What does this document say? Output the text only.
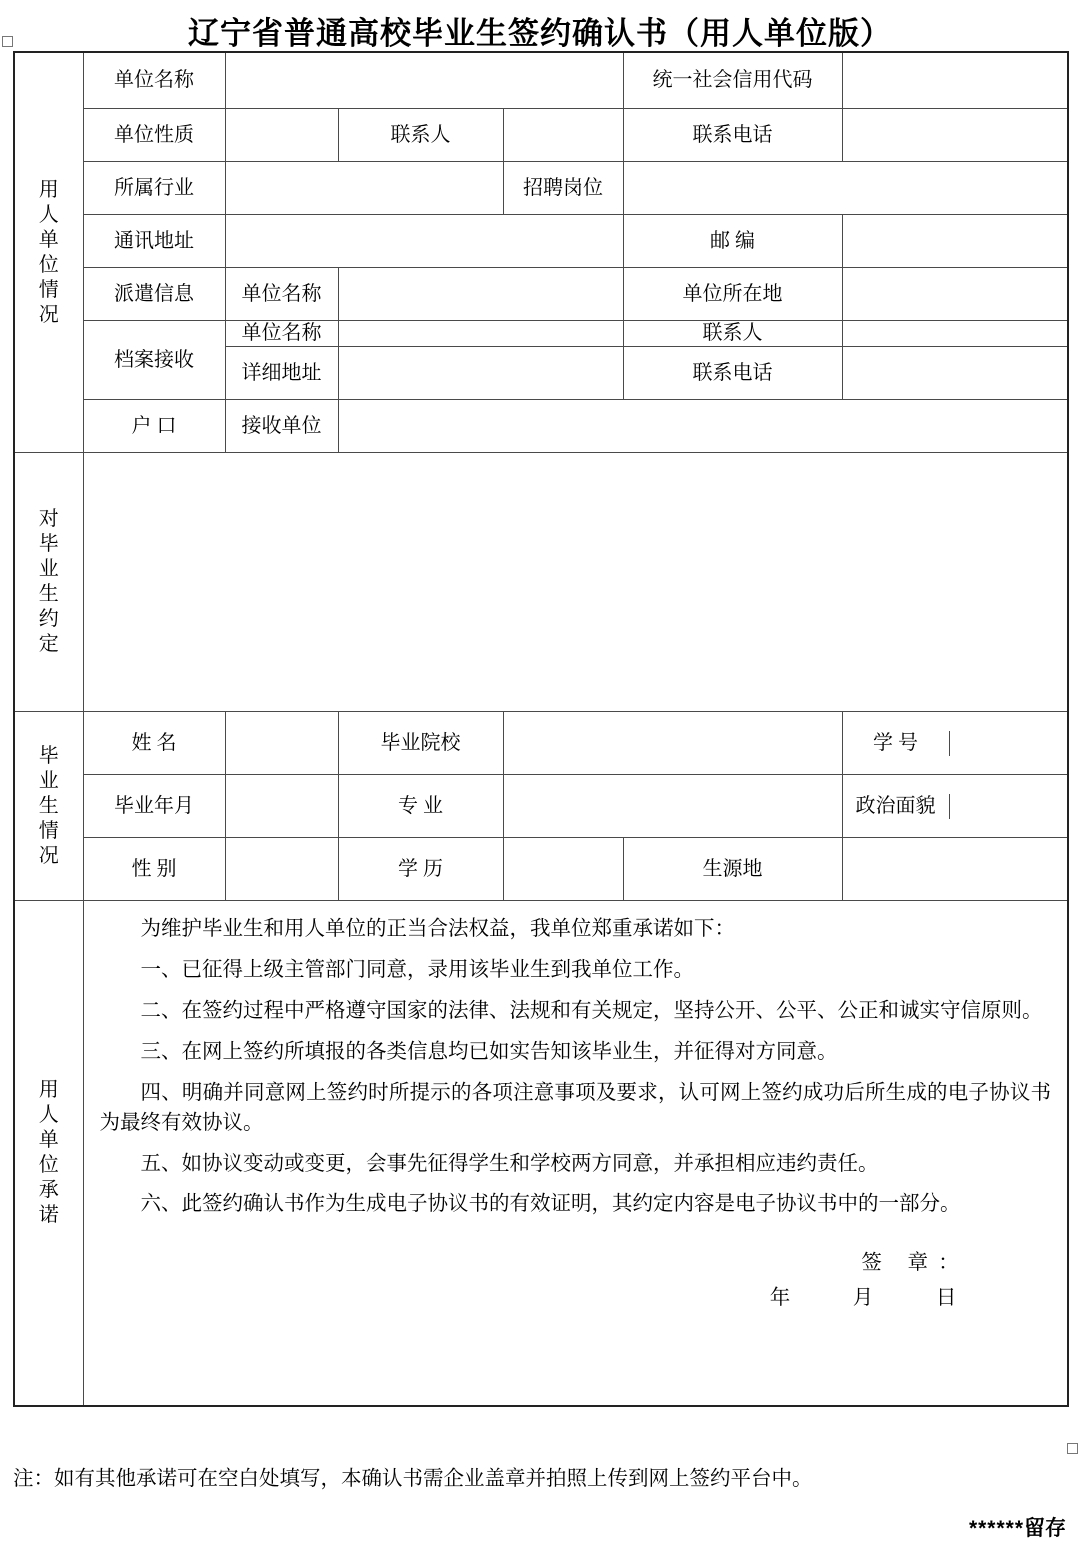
辽宁省普通高校毕业生签约确认书（用人单位版）
用
人
单
位
情
况
	单位名称		统一社会信用代码	
单位性质		联系人		联系电话	
所属行业		招聘岗位	
通讯地址		邮 编	
派遣信息	单位名称		单位所在地	
档案接收	单位名称		联系人	
详细地址		联系电话	
户 口	接收单位	

对
毕
业
生
约
定

毕
业
生
情
况
	姓 名		毕业院校			学 号	

毕业年月		专 业			政治面貌	

性 别		学 历		生源地	

用
人
单
位
承
诺

为维护毕业生和用人单位的正当合法权益，我单位郑重承诺如下：

一、已征得上级主管部门同意，录用该毕业生到我单位工作。

二、在签约过程中严格遵守国家的法律、法规和有关规定，坚持公开、公平、公正和诚实守信原则。

三、在网上签约所填报的各类信息均已如实告知该毕业生，并征得对方同意。

四、明确并同意网上签约时所提示的各项注意事项及要求，认可网上签约成功后所生成的电子协议书为最终有效协议。

五、如协议变动或变更，会事先征得学生和学校两方同意，并承担相应违约责任。

六、此签约确认书作为生成电子协议书的有效证明，其约定内容是电子协议书中的一部分。

签 章：
年 月 日
注：如有其他承诺可在空白处填写，本确认书需企业盖章并拍照上传到网上签约平台中。
******留存
